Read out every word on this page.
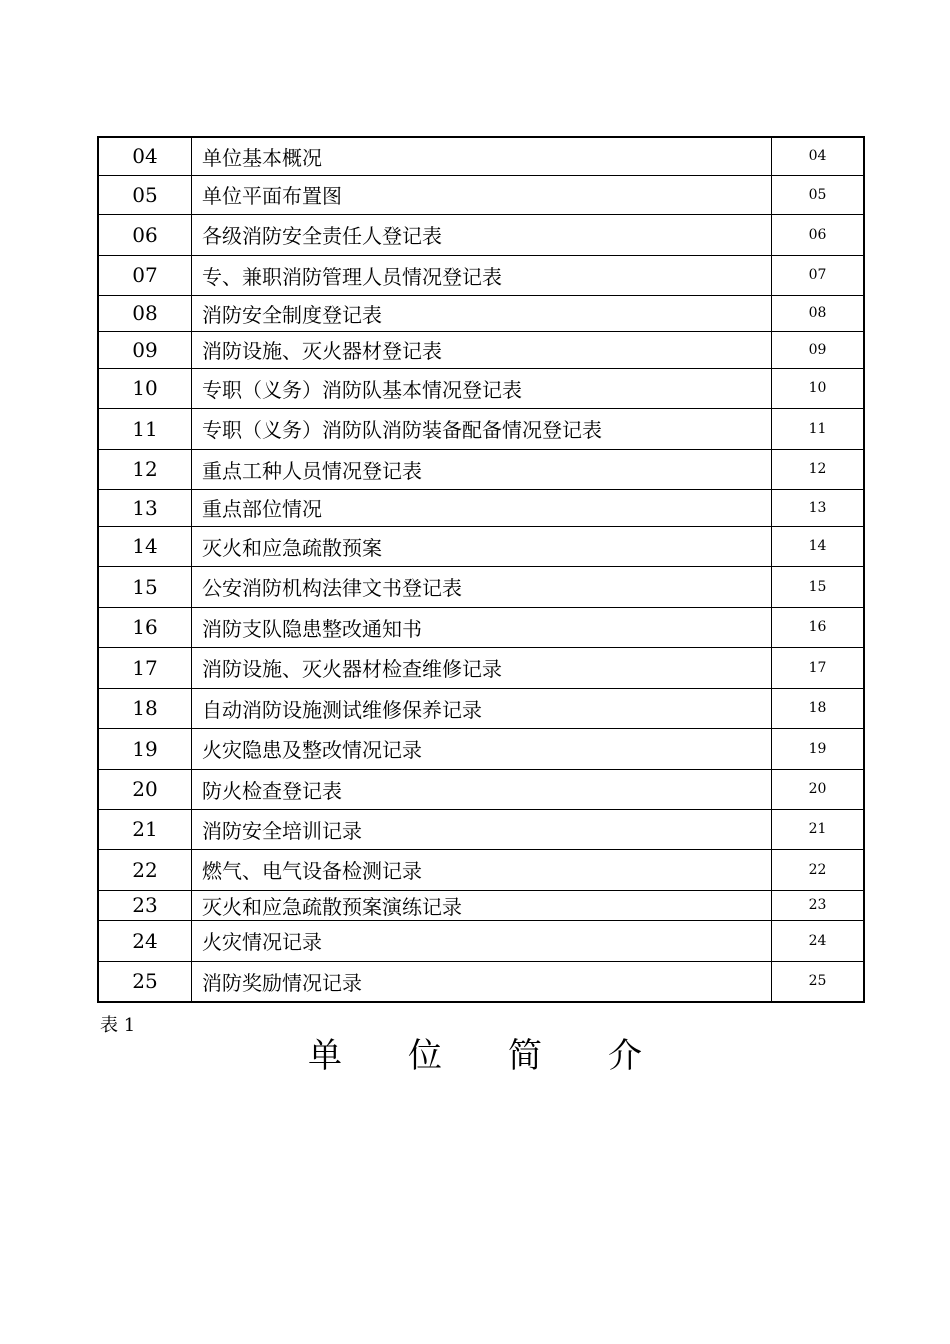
04	单位基本概况	04
05	单位平面布置图	05
06	各级消防安全责任人登记表	06
07	专、兼职消防管理人员情况登记表	07
08	消防安全制度登记表	08
09	消防设施、灭火器材登记表	09
10	专职（义务）消防队基本情况登记表	10
11	专职（义务）消防队消防装备配备情况登记表	11
12	重点工种人员情况登记表	12
13	重点部位情况	13
14	灭火和应急疏散预案	14
15	公安消防机构法律文书登记表	15
16	消防支队隐患整改通知书	16
17	消防设施、灭火器材检查维修记录	17
18	自动消防设施测试维修保养记录	18
19	火灾隐患及整改情况记录	19
20	防火检查登记表	20
21	消防安全培训记录	21
22	燃气、电气设备检测记录	22
23	灭火和应急疏散预案演练记录	23
24	火灾情况记录	24
25	消防奖励情况记录	25
表 1
单 位 简 介
